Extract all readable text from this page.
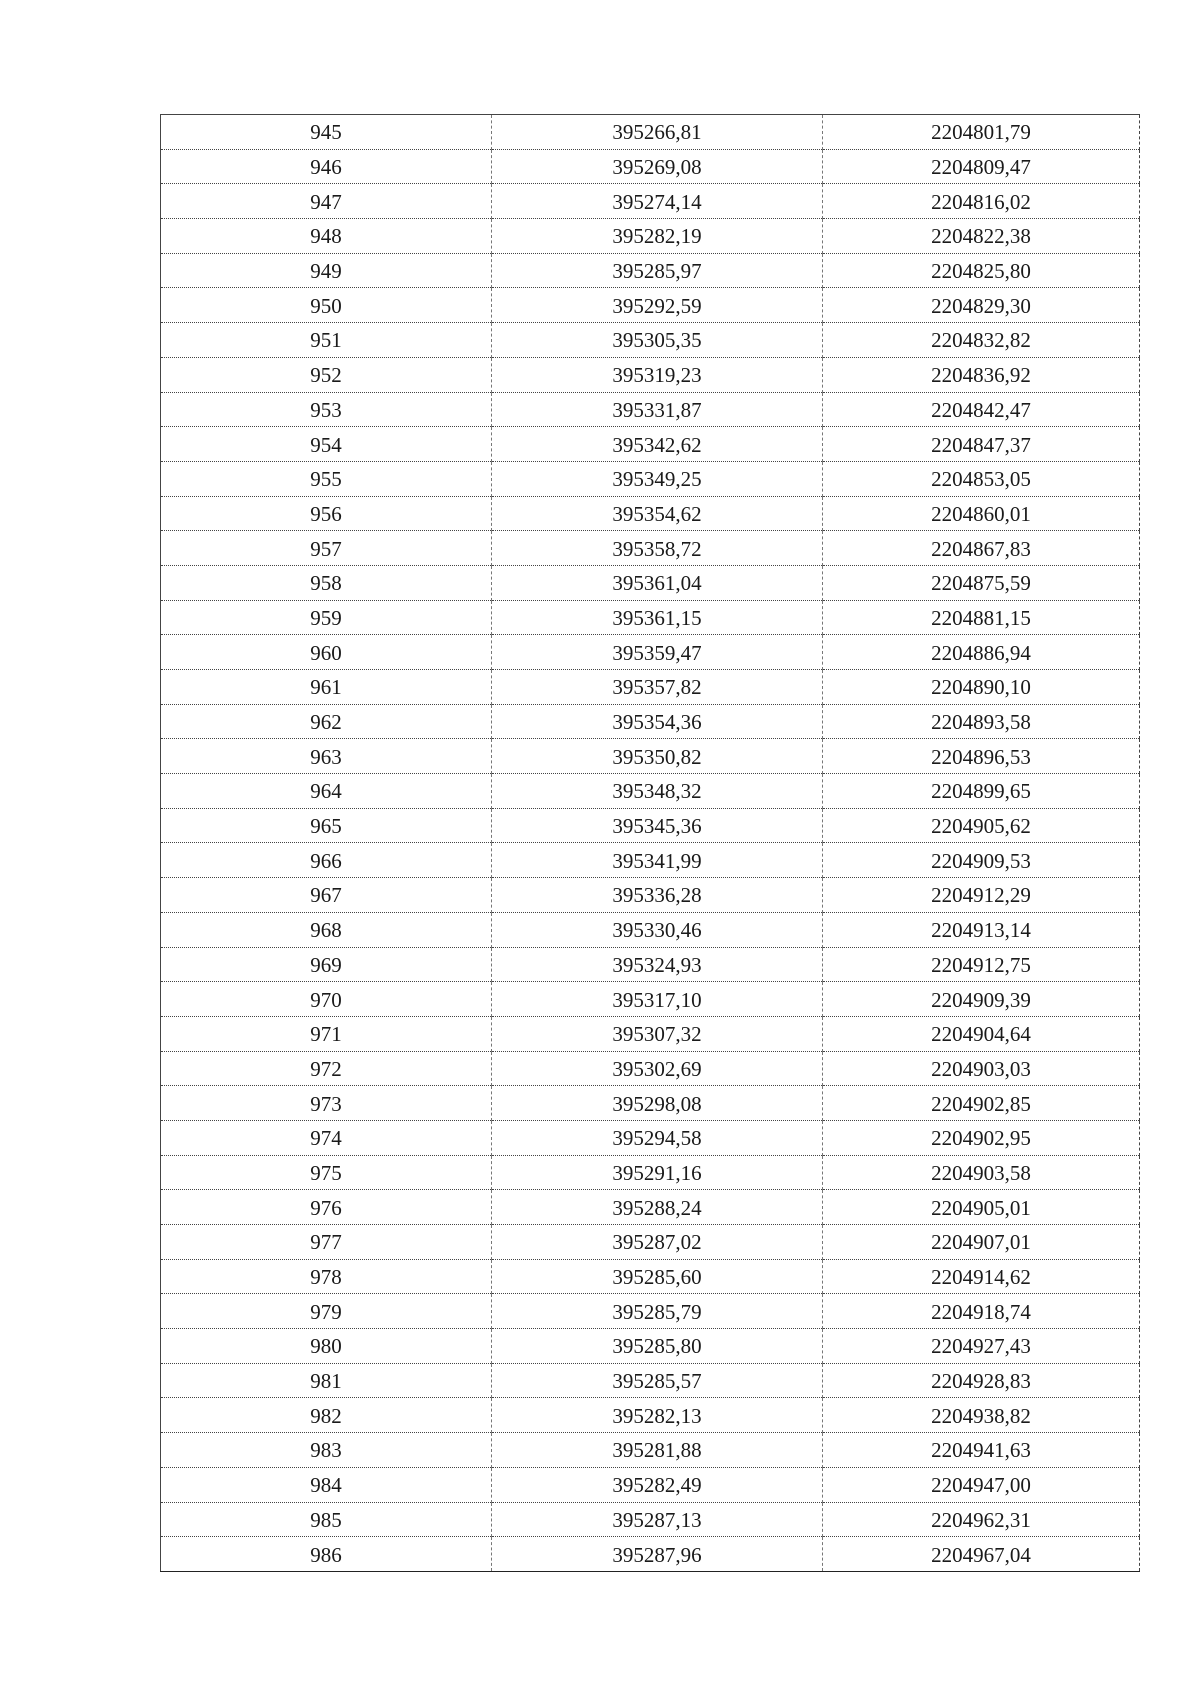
945	395266,81	2204801,79
946	395269,08	2204809,47
947	395274,14	2204816,02
948	395282,19	2204822,38
949	395285,97	2204825,80
950	395292,59	2204829,30
951	395305,35	2204832,82
952	395319,23	2204836,92
953	395331,87	2204842,47
954	395342,62	2204847,37
955	395349,25	2204853,05
956	395354,62	2204860,01
957	395358,72	2204867,83
958	395361,04	2204875,59
959	395361,15	2204881,15
960	395359,47	2204886,94
961	395357,82	2204890,10
962	395354,36	2204893,58
963	395350,82	2204896,53
964	395348,32	2204899,65
965	395345,36	2204905,62
966	395341,99	2204909,53
967	395336,28	2204912,29
968	395330,46	2204913,14
969	395324,93	2204912,75
970	395317,10	2204909,39
971	395307,32	2204904,64
972	395302,69	2204903,03
973	395298,08	2204902,85
974	395294,58	2204902,95
975	395291,16	2204903,58
976	395288,24	2204905,01
977	395287,02	2204907,01
978	395285,60	2204914,62
979	395285,79	2204918,74
980	395285,80	2204927,43
981	395285,57	2204928,83
982	395282,13	2204938,82
983	395281,88	2204941,63
984	395282,49	2204947,00
985	395287,13	2204962,31
986	395287,96	2204967,04
